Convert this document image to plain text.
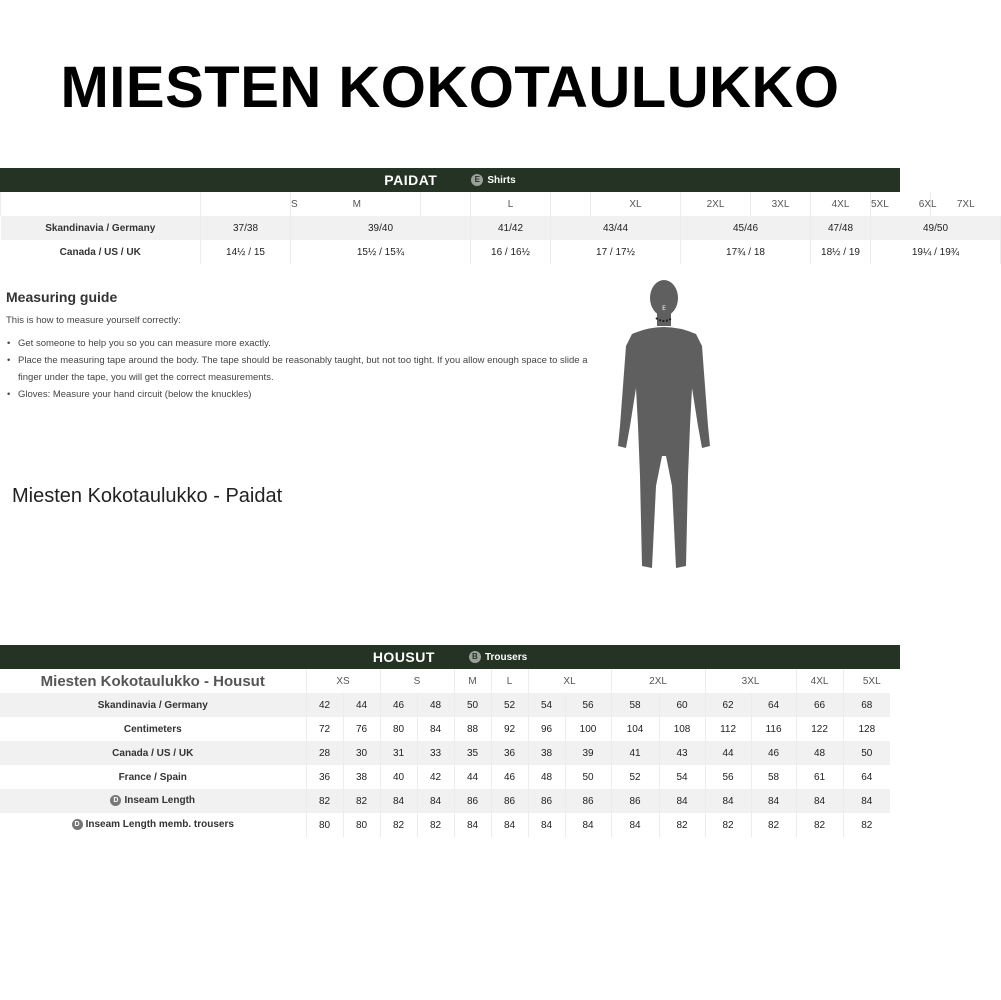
MIESTEN KOKOTAULUKKO
PAIDAT	E Shirts
		S M		L		XL	2XL	3XL	4XL	5XL 6XL	7XL	
Skandinavia / Germany	37/38	39/40		41/42	43/44		45/46		47/48	49/50	
Canada / US / UK	14½ / 15	15½ / 15¾		16 / 16½	17 / 17½		17¾ / 18		18½ / 19	19¼ / 19¾	
Measuring guide
This is how to measure yourself correctly:
• Get someone to help you so you can measure more exactly.
• Place the measuring tape around the body. The tape should be reasonably taught, but not too tight. If you allow enough space to slide a finger under the tape, you will get the correct measurements.
• Gloves: Measure your hand circuit (below the knuckles)
Miesten Kokotaulukko - Paidat
E
HOUSUT	B Trousers
Miesten Kokotaulukko - Housut	XS		S		M	L	XL		2XL		3XL		4XL	5XL
Skandinavia / Germany	42	44	46	48	50	52	54	56	58	60	62	64	66	68
Centimeters	72	76	80	84	88	92	96	100	104	108	112	116	122	128
Canada / US / UK	28	30	31	33	35	36	38	39	41	43	44	46	48	50
France / Spain	36	38	40	42	44	46	48	50	52	54	56	58	61	64
D Inseam Length	82	82	84	84	86	86	86	86	86	84	84	84	84	84
D Inseam Length memb. trousers	80	80	82	82	84	84	84	84	84	82	82	82	82	82
